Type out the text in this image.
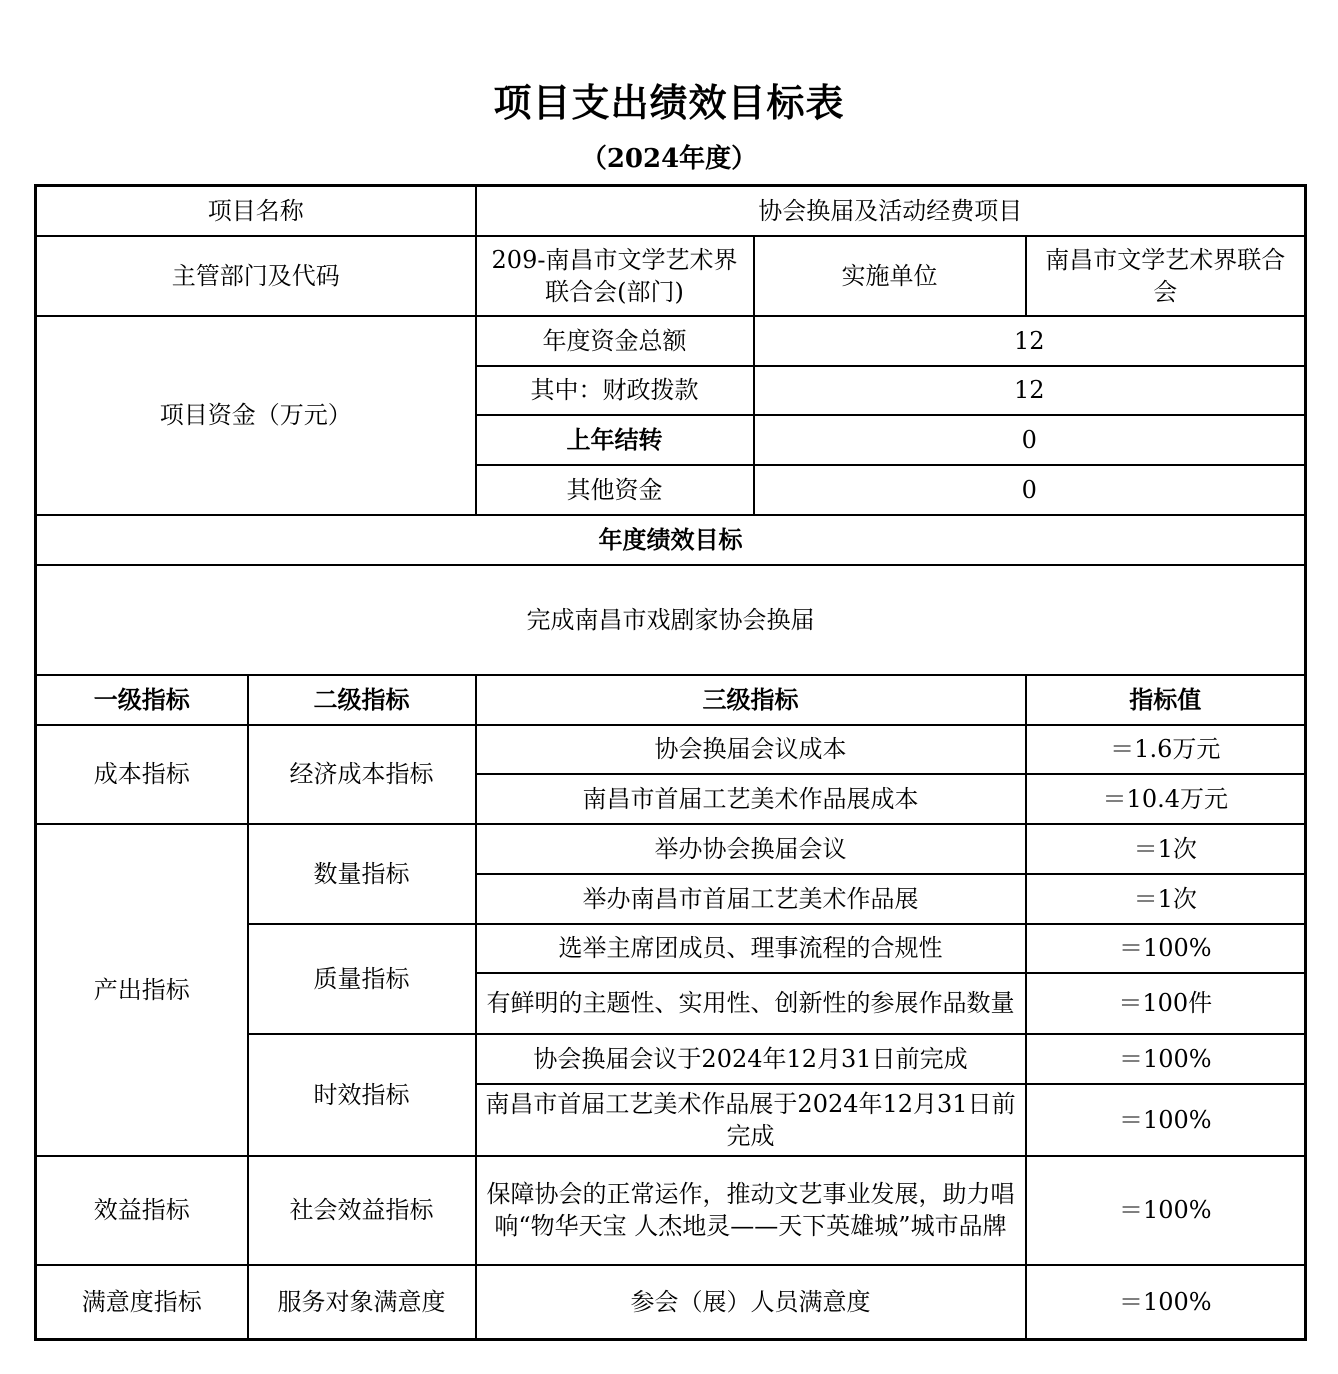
项目支出绩效目标表
（2024年度）
项目名称		协会换届及活动经费项目		
主管部门及代码		209-南昌市文学艺术界联合会(部门)	实施单位	南昌市文学艺术界联合会
项目资金（万元）		年度资金总额	12	
		其中：财政拨款	12	
		上年结转	0	
		其他资金	0	
年度绩效目标				
完成南昌市戏剧家协会换届				
一级指标	二级指标	三级指标		指标值
成本指标	经济成本指标	协会换届会议成本		＝1.6万元
		南昌市首届工艺美术作品展成本		＝10.4万元
产出指标	数量指标	举办协会换届会议		＝1次
		举办南昌市首届工艺美术作品展		＝1次
	质量指标	选举主席团成员、理事流程的合规性		＝100%
		有鲜明的主题性、实用性、创新性的参展作品数量		＝100件
	时效指标	协会换届会议于2024年12月31日前完成		＝100%
		南昌市首届工艺美术作品展于2024年12月31日前完成		＝100%
效益指标	社会效益指标	保障协会的正常运作，推动文艺事业发展，助力唱响“物华天宝 人杰地灵——天下英雄城”城市品牌		＝100%
满意度指标	服务对象满意度	参会（展）人员满意度		＝100%
